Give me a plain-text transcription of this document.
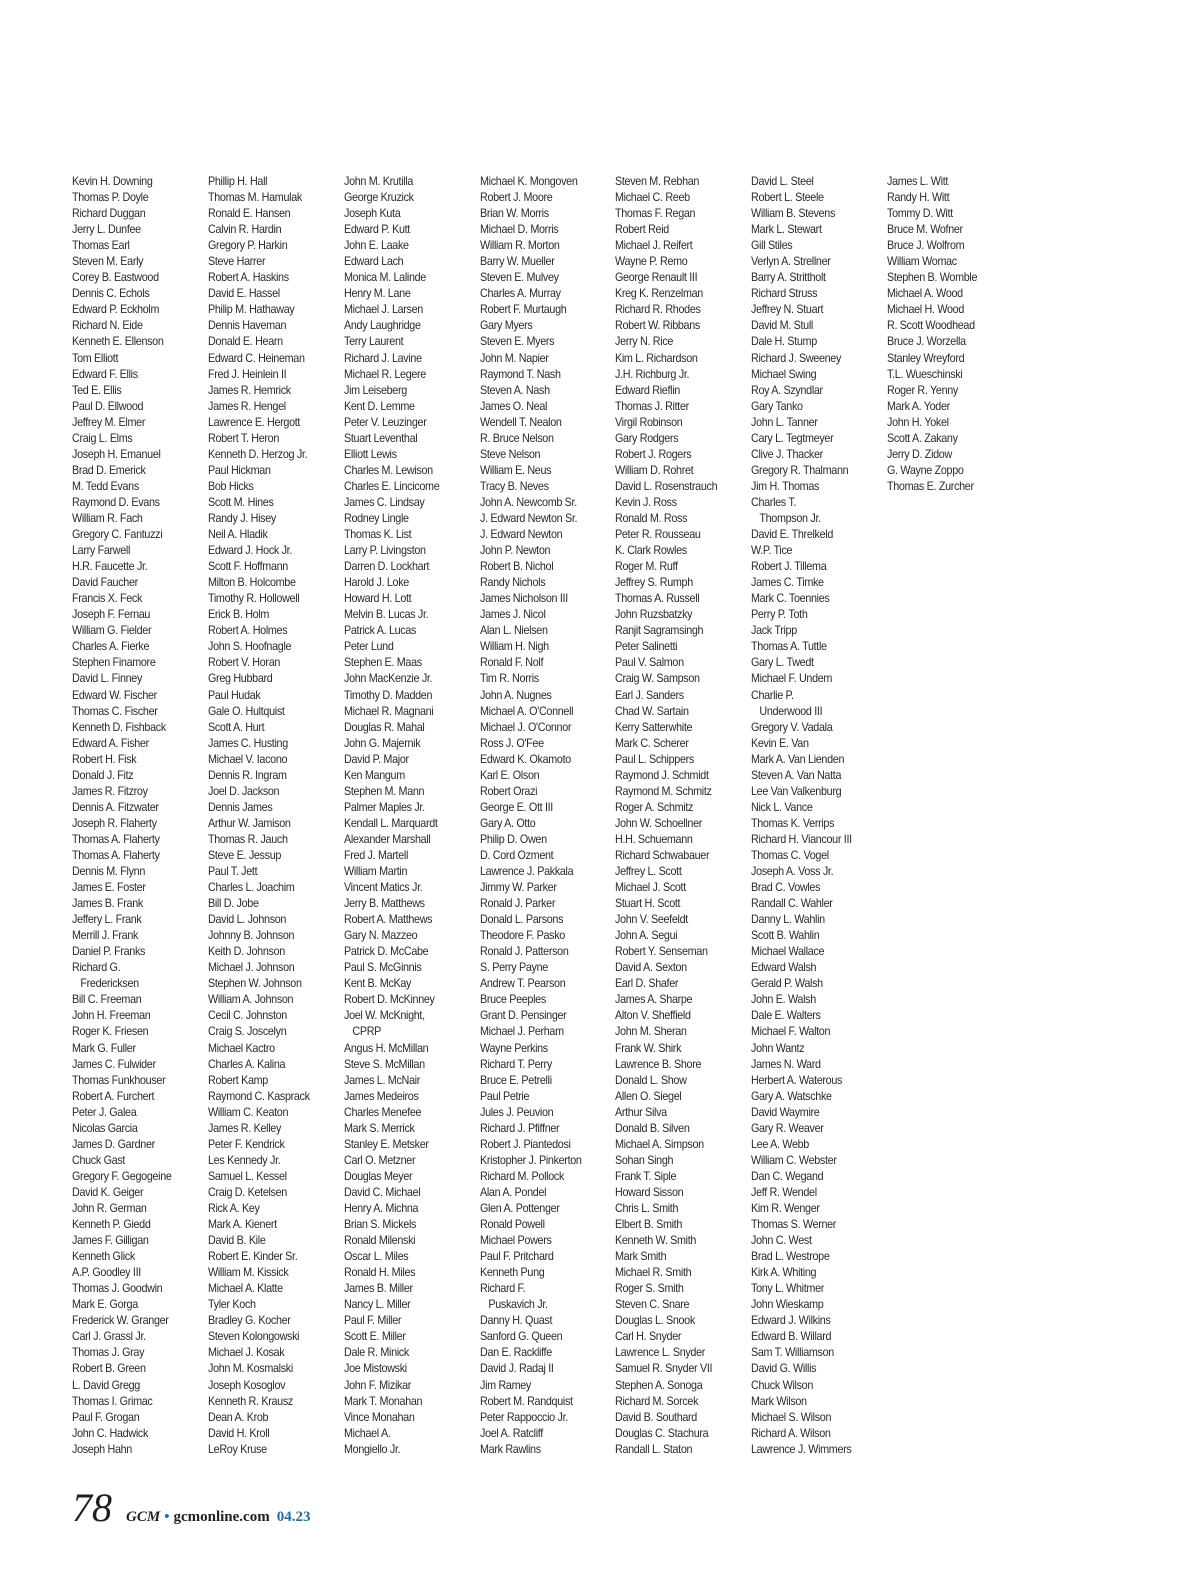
Kevin H. Downing
Thomas P. Doyle
Richard Duggan
Jerry L. Dunfee
Thomas Earl
Steven M. Early
Corey B. Eastwood
Dennis C. Echols
Edward P. Eckholm
Richard N. Eide
Kenneth E. Ellenson
Tom Elliott
Edward F. Ellis
Ted E. Ellis
Paul D. Ellwood
Jeffrey M. Elmer
Craig L. Elms
Joseph H. Emanuel
Brad D. Emerick
M. Tedd Evans
Raymond D. Evans
William R. Fach
Gregory C. Fantuzzi
Larry Farwell
H.R. Faucette Jr.
David Faucher
Francis X. Feck
Joseph F. Fernau
William G. Fielder
Charles A. Fierke
Stephen Finamore
David L. Finney
Edward W. Fischer
Thomas C. Fischer
Kenneth D. Fishback
Edward A. Fisher
Robert H. Fisk
Donald J. Fitz
James R. Fitzroy
Dennis A. Fitzwater
Joseph R. Flaherty
Thomas A. Flaherty
Thomas A. Flaherty
Dennis M. Flynn
James E. Foster
James B. Frank
Jeffery L. Frank
Merrill J. Frank
Daniel P. Franks
Richard G.
Fredericksen
Bill C. Freeman
John H. Freeman
Roger K. Friesen
Mark G. Fuller
James C. Fulwider
Thomas Funkhouser
Robert A. Furchert
Peter J. Galea
Nicolas Garcia
James D. Gardner
Chuck Gast
Gregory F. Gegogeine
David K. Geiger
John R. German
Kenneth P. Giedd
James F. Gilligan
Kenneth Glick
A.P. Goodley III
Thomas J. Goodwin
Mark E. Gorga
Frederick W. Granger
Carl J. Grassl Jr.
Thomas J. Gray
Robert B. Green
L. David Gregg
Thomas I. Grimac
Paul F. Grogan
John C. Hadwick
Joseph Hahn
Phillip H. Hall
Thomas M. Hamulak
Ronald E. Hansen
Calvin R. Hardin
Gregory P. Harkin
Steve Harrer
Robert A. Haskins
David E. Hassel
Philip M. Hathaway
Dennis Haveman
Donald E. Hearn
Edward C. Heineman
Fred J. Heinlein II
James R. Hemrick
James R. Hengel
Lawrence E. Hergott
Robert T. Heron
Kenneth D. Herzog Jr.
Paul Hickman
Bob Hicks
Scott M. Hines
Randy J. Hisey
Neil A. Hladik
Edward J. Hock Jr.
Scott F. Hoffmann
Milton B. Holcombe
Timothy R. Hollowell
Erick B. Holm
Robert A. Holmes
John S. Hoofnagle
Robert V. Horan
Greg Hubbard
Paul Hudak
Gale O. Hultquist
Scott A. Hurt
James C. Husting
Michael V. Iacono
Dennis R. Ingram
Joel D. Jackson
Dennis James
Arthur W. Jamison
Thomas R. Jauch
Steve E. Jessup
Paul T. Jett
Charles L. Joachim
Bill D. Jobe
David L. Johnson
Johnny B. Johnson
Keith D. Johnson
Michael J. Johnson
Stephen W. Johnson
William A. Johnson
Cecil C. Johnston
Craig S. Joscelyn
Michael Kactro
Charles A. Kalina
Robert Kamp
Raymond C. Kasprack
William C. Keaton
James R. Kelley
Peter F. Kendrick
Les Kennedy Jr.
Samuel L. Kessel
Craig D. Ketelsen
Rick A. Key
Mark A. Kienert
David B. Kile
Robert E. Kinder Sr.
William M. Kissick
Michael A. Klatte
Tyler Koch
Bradley G. Kocher
Steven Kolongowski
Michael J. Kosak
John M. Kosmalski
Joseph Kosoglov
Kenneth R. Krausz
Dean A. Krob
David H. Kroll
LeRoy Kruse
John M. Krutilla
George Kruzick
Joseph Kuta
Edward P. Kutt
John E. Laake
Edward Lach
Monica M. Lalinde
Henry M. Lane
Michael J. Larsen
Andy Laughridge
Terry Laurent
Richard J. Lavine
Michael R. Legere
Jim Leiseberg
Kent D. Lemme
Peter V. Leuzinger
Stuart Leventhal
Elliott Lewis
Charles M. Lewison
Charles E. Lincicome
James C. Lindsay
Rodney Lingle
Thomas K. List
Larry P. Livingston
Darren D. Lockhart
Harold J. Loke
Howard H. Lott
Melvin B. Lucas Jr.
Patrick A. Lucas
Peter Lund
Stephen E. Maas
John MacKenzie Jr.
Timothy D. Madden
Michael R. Magnani
Douglas R. Mahal
John G. Majernik
David P. Major
Ken Mangum
Stephen M. Mann
Palmer Maples Jr.
Kendall L. Marquardt
Alexander Marshall
Fred J. Martell
William Martin
Vincent Matics Jr.
Jerry B. Matthews
Robert A. Matthews
Gary N. Mazzeo
Patrick D. McCabe
Paul S. McGinnis
Kent B. McKay
Robert D. McKinney
Joel W. McKnight,
CPRP
Angus H. McMillan
Steve S. McMillan
James L. McNair
James Medeiros
Charles Menefee
Mark S. Merrick
Stanley E. Metsker
Carl O. Metzner
Douglas Meyer
David C. Michael
Henry A. Michna
Brian S. Mickels
Ronald Milenski
Oscar L. Miles
Ronald H. Miles
James B. Miller
Nancy L. Miller
Paul F. Miller
Scott E. Miller
Dale R. Minick
Joe Mistowski
John F. Mizikar
Mark T. Monahan
Vince Monahan
Michael A.
Mongiello Jr.
Michael K. Mongoven
Robert J. Moore
Brian W. Morris
Michael D. Morris
William R. Morton
Barry W. Mueller
Steven E. Mulvey
Charles A. Murray
Robert F. Murtaugh
Gary Myers
Steven E. Myers
John M. Napier
Raymond T. Nash
Steven A. Nash
James O. Neal
Wendell T. Nealon
R. Bruce Nelson
Steve Nelson
William E. Neus
Tracy B. Neves
John A. Newcomb Sr.
J. Edward Newton Sr.
J. Edward Newton
John P. Newton
Robert B. Nichol
Randy Nichols
James Nicholson III
James J. Nicol
Alan L. Nielsen
William H. Nigh
Ronald F. Nolf
Tim R. Norris
John A. Nugnes
Michael A. O'Connell
Michael J. O'Connor
Ross J. O'Fee
Edward K. Okamoto
Karl E. Olson
Robert Orazi
George E. Ott III
Gary A. Otto
Philip D. Owen
D. Cord Ozment
Lawrence J. Pakkala
Jimmy W. Parker
Ronald J. Parker
Donald L. Parsons
Theodore F. Pasko
Ronald J. Patterson
S. Perry Payne
Andrew T. Pearson
Bruce Peeples
Grant D. Pensinger
Michael J. Perham
Wayne Perkins
Richard T. Perry
Bruce E. Petrelli
Paul Petrie
Jules J. Peuvion
Richard J. Pfiffner
Robert J. Piantedosi
Kristopher J. Pinkerton
Richard M. Pollock
Alan A. Pondel
Glen A. Pottenger
Ronald Powell
Michael Powers
Paul F. Pritchard
Kenneth Pung
Richard F.
Puskavich Jr.
Danny H. Quast
Sanford G. Queen
Dan E. Rackliffe
David J. Radaj II
Jim Ramey
Robert M. Randquist
Peter Rappoccio Jr.
Joel A. Ratcliff
Mark Rawlins
Steven M. Rebhan
Michael C. Reeb
Thomas F. Regan
Robert Reid
Michael J. Reifert
Wayne P. Remo
George Renault III
Kreg K. Renzelman
Richard R. Rhodes
Robert W. Ribbans
Jerry N. Rice
Kim L. Richardson
J.H. Richburg Jr.
Edward Rieflin
Thomas J. Ritter
Virgil Robinson
Gary Rodgers
Robert J. Rogers
William D. Rohret
David L. Rosenstrauch
Kevin J. Ross
Ronald M. Ross
Peter R. Rousseau
K. Clark Rowles
Roger M. Ruff
Jeffrey S. Rumph
Thomas A. Russell
John Ruzsbatzky
Ranjit Sagramsingh
Peter Salinetti
Paul V. Salmon
Craig W. Sampson
Earl J. Sanders
Chad W. Sartain
Kerry Satterwhite
Mark C. Scherer
Paul L. Schippers
Raymond J. Schmidt
Raymond M. Schmitz
Roger A. Schmitz
John W. Schoellner
H.H. Schuemann
Richard Schwabauer
Jeffrey L. Scott
Michael J. Scott
Stuart H. Scott
John V. Seefeldt
John A. Segui
Robert Y. Senseman
David A. Sexton
Earl D. Shafer
James A. Sharpe
Alton V. Sheffield
John M. Sheran
Frank W. Shirk
Lawrence B. Shore
Donald L. Show
Allen O. Siegel
Arthur Silva
Donald B. Silven
Michael A. Simpson
Sohan Singh
Frank T. Siple
Howard Sisson
Chris L. Smith
Elbert B. Smith
Kenneth W. Smith
Mark Smith
Michael R. Smith
Roger S. Smith
Steven C. Snare
Douglas L. Snook
Carl H. Snyder
Lawrence L. Snyder
Samuel R. Snyder VII
Stephen A. Sonoga
Richard M. Sorcek
David B. Southard
Douglas C. Stachura
Randall L. Staton
David L. Steel
Robert L. Steele
William B. Stevens
Mark L. Stewart
Gill Stiles
Verlyn A. Strellner
Barry A. Strittholt
Richard Struss
Jeffrey N. Stuart
David M. Stull
Dale H. Stump
Richard J. Sweeney
Michael Swing
Roy A. Szyndlar
Gary Tanko
John L. Tanner
Cary L. Tegtmeyer
Clive J. Thacker
Gregory R. Thalmann
Jim H. Thomas
Charles T.
Thompson Jr.
David E. Threlkeld
W.P. Tice
Robert J. Tillema
James C. Timke
Mark C. Toennies
Perry P. Toth
Jack Tripp
Thomas A. Tuttle
Gary L. Twedt
Michael F. Undem
Charlie P.
Underwood III
Gregory V. Vadala
Kevin E. Van
Mark A. Van Lienden
Steven A. Van Natta
Lee Van Valkenburg
Nick L. Vance
Thomas K. Verrips
Richard H. Viancour III
Thomas C. Vogel
Joseph A. Voss Jr.
Brad C. Vowles
Randall C. Wahler
Danny L. Wahlin
Scott B. Wahlin
Michael Wallace
Edward Walsh
Gerald P. Walsh
John E. Walsh
Dale E. Walters
Michael F. Walton
John Wantz
James N. Ward
Herbert A. Waterous
Gary A. Watschke
David Waymire
Gary R. Weaver
Lee A. Webb
William C. Webster
Dan C. Wegand
Jeff R. Wendel
Kim R. Wenger
Thomas S. Werner
John C. West
Brad L. Westrope
Kirk A. Whiting
Tony L. Whitmer
John Wieskamp
Edward J. Wilkins
Edward B. Willard
Sam T. Williamson
David G. Willis
Chuck Wilson
Mark Wilson
Michael S. Wilson
Richard A. Wilson
Lawrence J. Wimmers
James L. Witt
Randy H. Witt
Tommy D. Witt
Bruce M. Wofner
Bruce J. Wolfrom
William Womac
Stephen B. Womble
Michael A. Wood
Michael H. Wood
R. Scott Woodhead
Bruce J. Worzella
Stanley Wreyford
T.L. Wueschinski
Roger R. Yenny
Mark A. Yoder
John H. Yokel
Scott A. Zakany
Jerry D. Zidow
G. Wayne Zoppo
Thomas E. Zurcher
78 GCM • gcmonline.com 04.23
